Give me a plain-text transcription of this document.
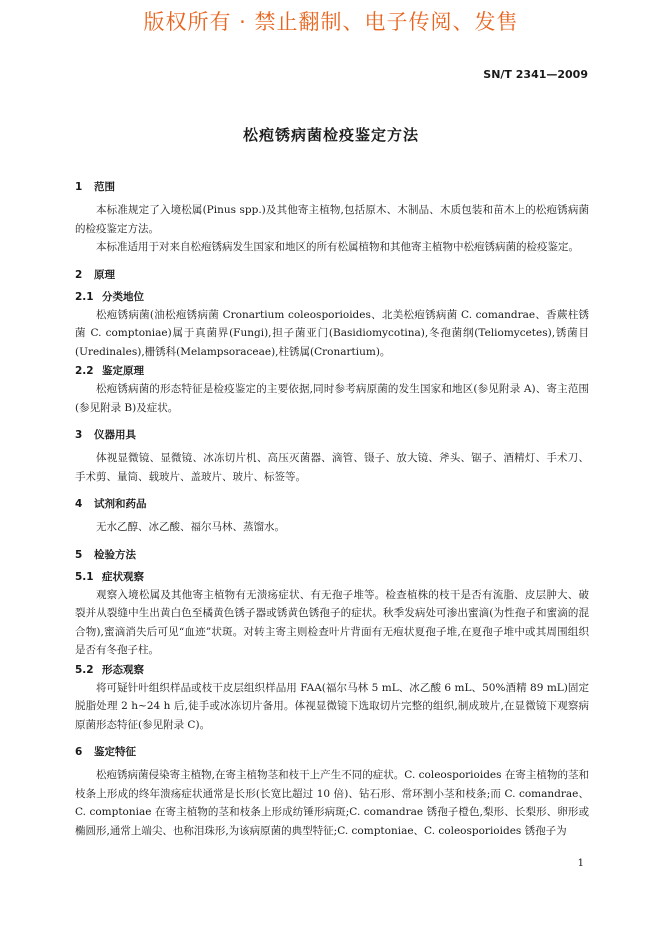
版权所有 · 禁止翻制、电子传阅、发售
SN/T 2341—2009
松疱锈病菌检疫鉴定方法
1 范围

本标准规定了入境松属(Pinus spp.)及其他寄主植物,包括原木、木制品、木质包装和苗木上的松疱锈病菌的检疫鉴定方法。

本标准适用于对来自松疱锈病发生国家和地区的所有松属植物和其他寄主植物中松疱锈病菌的检疫鉴定。

2 原理
2.1 分类地位

松疱锈病菌(油松疱锈病菌 Cronartium coleosporioides、北美松疱锈病菌 C. comandrae、香蕨柱锈菌 C. comptoniae)属于真菌界(Fungi),担子菌亚门(Basidiomycotina),冬孢菌纲(Teliomycetes),锈菌目(Uredinales),栅锈科(Melampsoraceae),柱锈属(Cronartium)。

2.2 鉴定原理

松疱锈病菌的形态特征是检疫鉴定的主要依据,同时参考病原菌的发生国家和地区(参见附录 A)、寄主范围(参见附录 B)及症状。

3 仪器用具

体视显微镜、显微镜、冰冻切片机、高压灭菌器、滴管、镊子、放大镜、斧头、锯子、酒精灯、手术刀、手术剪、量筒、载玻片、盖玻片、玻片、标签等。

4 试剂和药品

无水乙醇、冰乙酸、福尔马林、蒸馏水。

5 检验方法
5.1 症状观察

观察入境松属及其他寄主植物有无溃疡症状、有无孢子堆等。检查植株的枝干是否有流脂、皮层肿大、破裂并从裂缝中生出黄白色至橘黄色锈子器或锈黄色锈孢子的症状。秋季发病处可渗出蜜滴(为性孢子和蜜滴的混合物),蜜滴消失后可见“血迹”状斑。对转主寄主则检查叶片背面有无疱状夏孢子堆,在夏孢子堆中或其周围组织是否有冬孢子柱。

5.2 形态观察

将可疑针叶组织样品或枝干皮层组织样品用 FAA(福尔马林 5 mL、冰乙酸 6 mL、50%酒精 89 mL)固定脱脂处理 2 h~24 h 后,徒手或冰冻切片备用。体视显微镜下选取切片完整的组织,制成玻片,在显微镜下观察病原菌形态特征(参见附录 C)。

6 鉴定特征

松疱锈病菌侵染寄主植物,在寄主植物茎和枝干上产生不同的症状。C. coleosporioides 在寄主植物的茎和枝条上形成的终年溃疡症状通常是长形(长宽比超过 10 倍)、钻石形、常环割小茎和枝条;而 C. comandrae、C. comptoniae 在寄主植物的茎和枝条上形成纺锤形病斑;C. comandrae 锈孢子橙色,梨形、长梨形、卵形或椭圆形,通常上端尖、也称泪珠形,为该病原菌的典型特征;C. comptoniae、C. coleosporioides 锈孢子为

1
